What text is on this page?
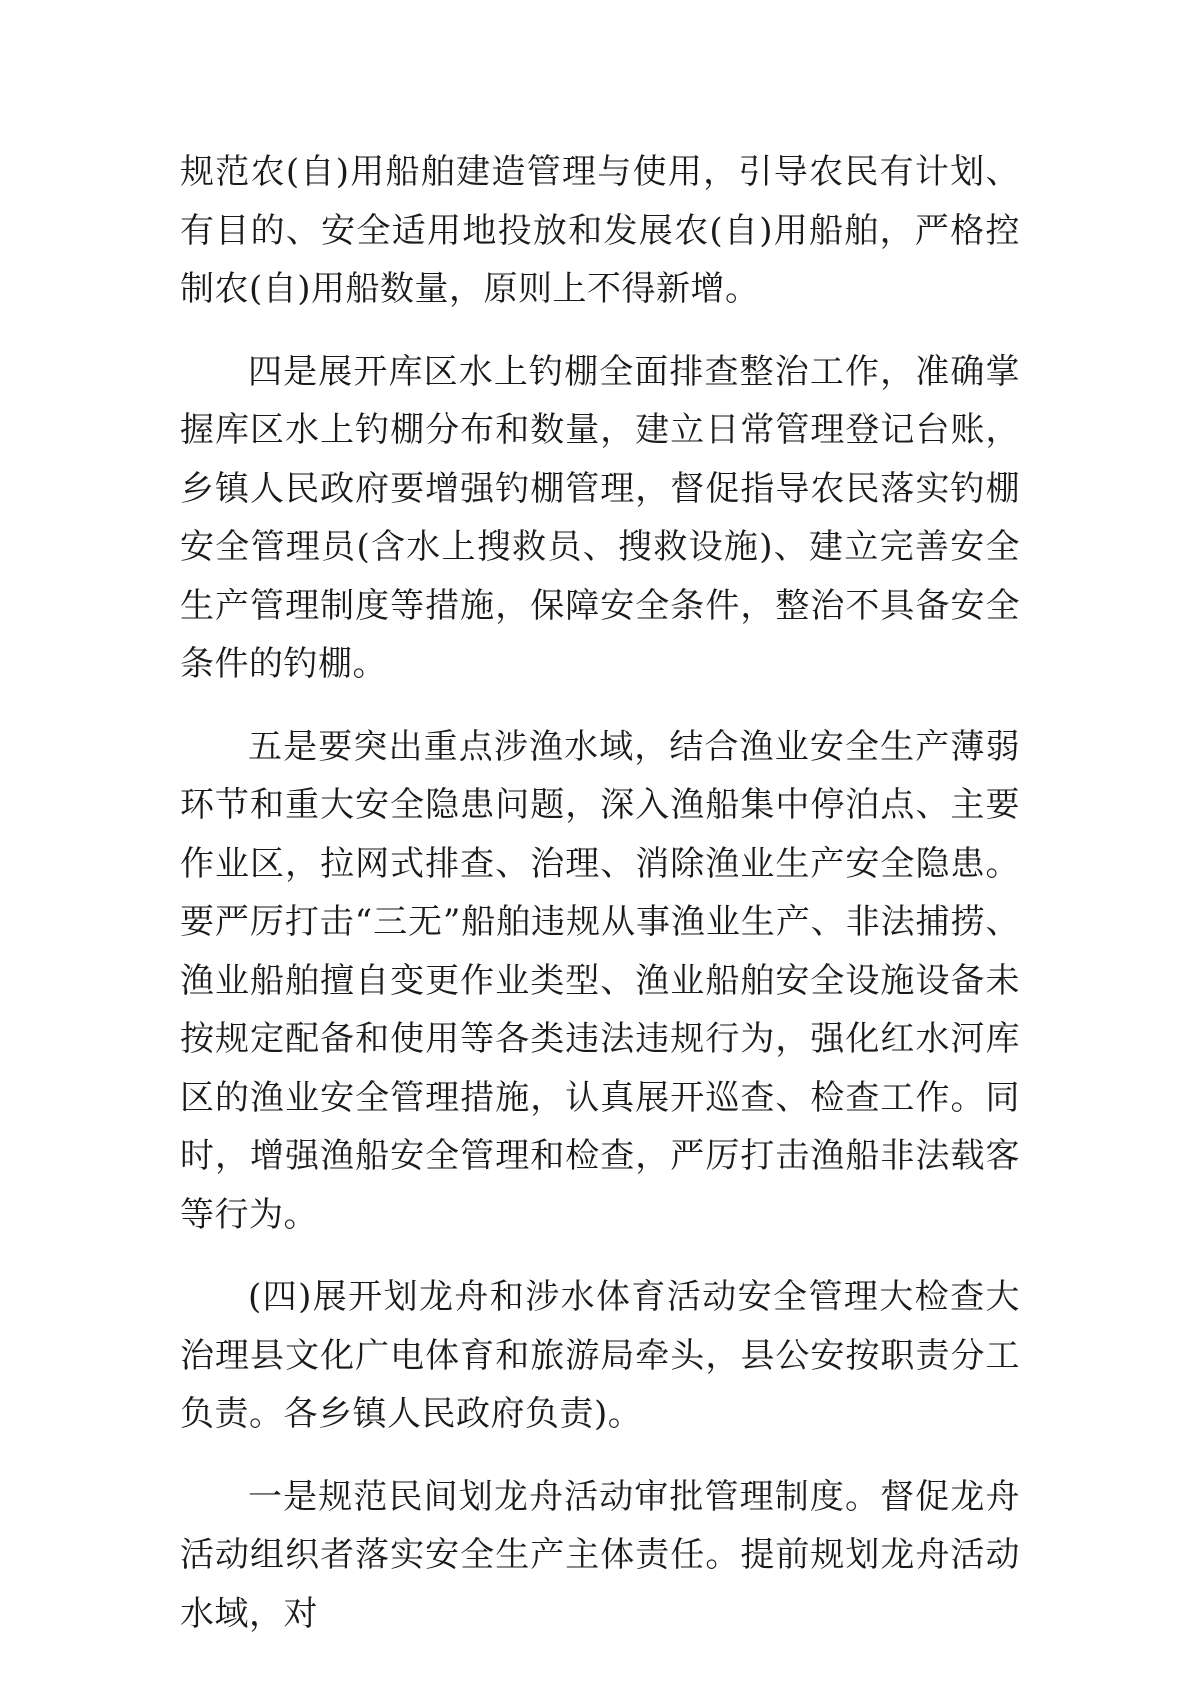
规范农(自)用船舶建造管理与使用，引导农民有计划、有目的、安全适用地投放和发展农(自)用船舶，严格控制农(自)用船数量，原则上不得新增。

四是展开库区水上钓棚全面排查整治工作，准确掌握库区水上钓棚分布和数量，建立日常管理登记台账，乡镇人民政府要增强钓棚管理，督促指导农民落实钓棚安全管理员(含水上搜救员、搜救设施)、建立完善安全生产管理制度等措施，保障安全条件，整治不具备安全条件的钓棚。

五是要突出重点涉渔水域，结合渔业安全生产薄弱环节和重大安全隐患问题，深入渔船集中停泊点、主要作业区，拉网式排查、治理、消除渔业生产安全隐患。要严厉打击“三无”船舶违规从事渔业生产、非法捕捞、渔业船舶擅自变更作业类型、渔业船舶安全设施设备未按规定配备和使用等各类违法违规行为，强化红水河库区的渔业安全管理措施，认真展开巡查、检查工作。同时，增强渔船安全管理和检查，严厉打击渔船非法载客等行为。

(四)展开划龙舟和涉水体育活动安全管理大检查大治理县文化广电体育和旅游局牵头，县公安按职责分工负责。各乡镇人民政府负责)。

一是规范民间划龙舟活动审批管理制度。督促龙舟活动组织者落实安全生产主体责任。提前规划龙舟活动水域，对
